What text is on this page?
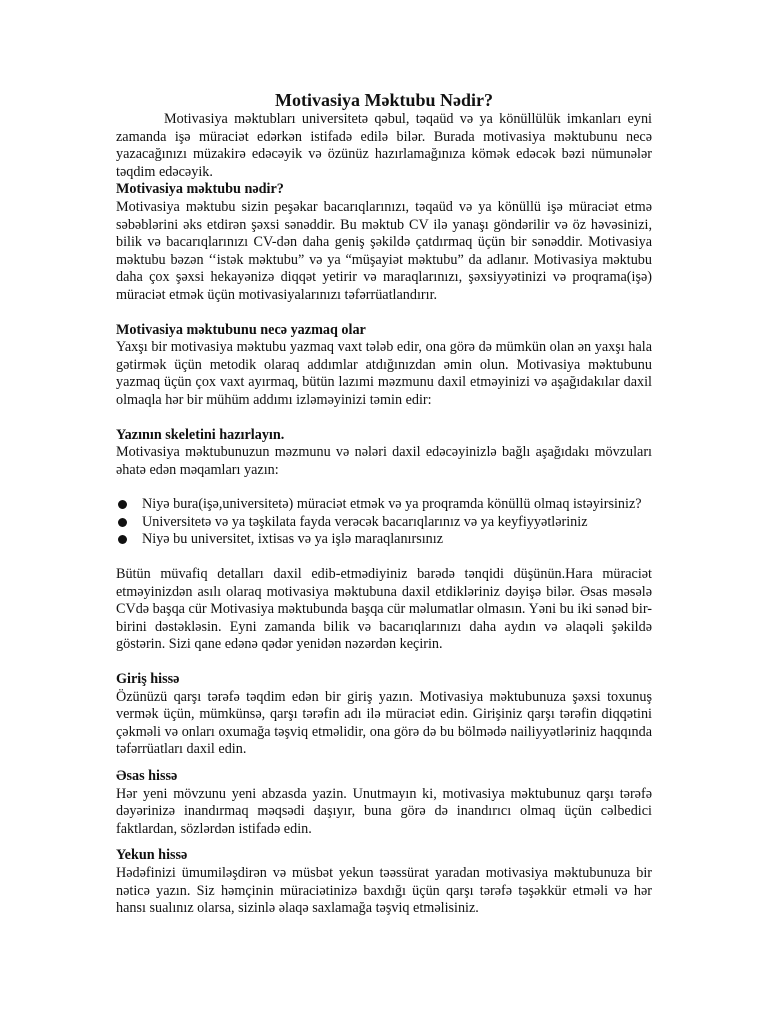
Motivasiya Məktubu Nədir?

Motivasiya məktubları universitetə qəbul, təqaüd və ya könüllülük imkanları eyni zamanda işə müraciət edərkən istifadə edilə bilər. Burada motivasiya məktubunu necə yazacağınızı müzakirə edəcəyik və özünüz hazırlamağınıza kömək edəcək bəzi nümunələr təqdim edəcəyik.

Motivasiya məktubu nədir?

Motivasiya məktubu sizin peşəkar bacarıqlarınızı, təqaüd və ya könüllü işə müraciət etmə səbəblərini əks etdirən şəxsi sənəddir. Bu məktub CV ilə yanaşı göndərilir və öz həvəsinizi, bilik və bacarıqlarınızı CV-dən daha geniş şəkildə çatdırmaq üçün bir sənəddir. Motivasiya məktubu bəzən ‘‘istək məktubu” və ya “müşayiət məktubu” da adlanır. Motivasiya məktubu daha çox şəxsi hekayənizə diqqət yetirir və maraqlarınızı, şəxsiyyətinizi və proqrama(işə) müraciət etmək üçün motivasiyalarınızı təfərrüatlandırır.

Motivasiya məktubunu necə yazmaq olar

Yaxşı bir motivasiya məktubu yazmaq vaxt tələb edir, ona görə də mümkün olan ən yaxşı hala gətirmək üçün metodik olaraq addımlar atdığınızdan əmin olun. Motivasiya məktubunu yazmaq üçün çox vaxt ayırmaq, bütün lazımi məzmunu daxil etməyinizi və aşağıdakılar daxil olmaqla hər bir mühüm addımı izləməyinizi təmin edir:

Yazının skeletini hazırlayın.

Motivasiya məktubunuzun məzmunu və nələri daxil edəcəyinizlə bağlı aşağıdakı mövzuları əhatə edən məqamları yazın:

Niyə bura(işə,universitetə) müraciət etmək və ya proqramda könüllü olmaq istəyirsiniz?
Universitetə və ya təşkilata fayda verəcək bacarıqlarınız və ya keyfiyyətləriniz
Niyə bu universitet, ixtisas və ya işlə maraqlanırsınız

Bütün müvafiq detalları daxil edib-etmədiyiniz barədə tənqidi düşünün.Hara müraciət etməyinizdən asılı olaraq motivasiya məktubuna daxil etdikləriniz dəyişə bilər. Əsas məsələ CVdə başqa cür Motivasiya məktubunda başqa cür məlumatlar olmasın. Yəni bu iki sənəd bir-birini dəstəkləsin. Eyni zamanda bilik və bacarıqlarınızı daha aydın və əlaqəli şəkildə göstərin. Sizi qane edənə qədər yenidən nəzərdən keçirin.

Giriş hissə

Özünüzü qarşı tərəfə təqdim edən bir giriş yazın. Motivasiya məktubunuza şəxsi toxunuş vermək üçün, mümkünsə, qarşı tərəfin adı ilə müraciət edin. Girişiniz qarşı tərəfin diqqətini çəkməli və onları oxumağa təşviq etməlidir, ona görə də bu bölmədə nailiyyətləriniz haqqında təfərrüatları daxil edin.

Əsas hissə

Hər yeni mövzunu yeni abzasda yazin. Unutmayın ki, motivasiya məktubunuz qarşı tərəfə dəyərinizə inandırmaq məqsədi daşıyır, buna görə də inandırıcı olmaq üçün cəlbedici faktlardan, sözlərdən istifadə edin.

Yekun hissə

Hədəfinizi ümumiləşdirən və müsbət yekun təəssürat yaradan motivasiya məktubunuza bir nəticə yazın. Siz həmçinin müraciətinizə baxdığı üçün qarşı tərəfə təşəkkür etməli və hər hansı sualınız olarsa, sizinlə əlaqə saxlamağa təşviq etməlisiniz.
